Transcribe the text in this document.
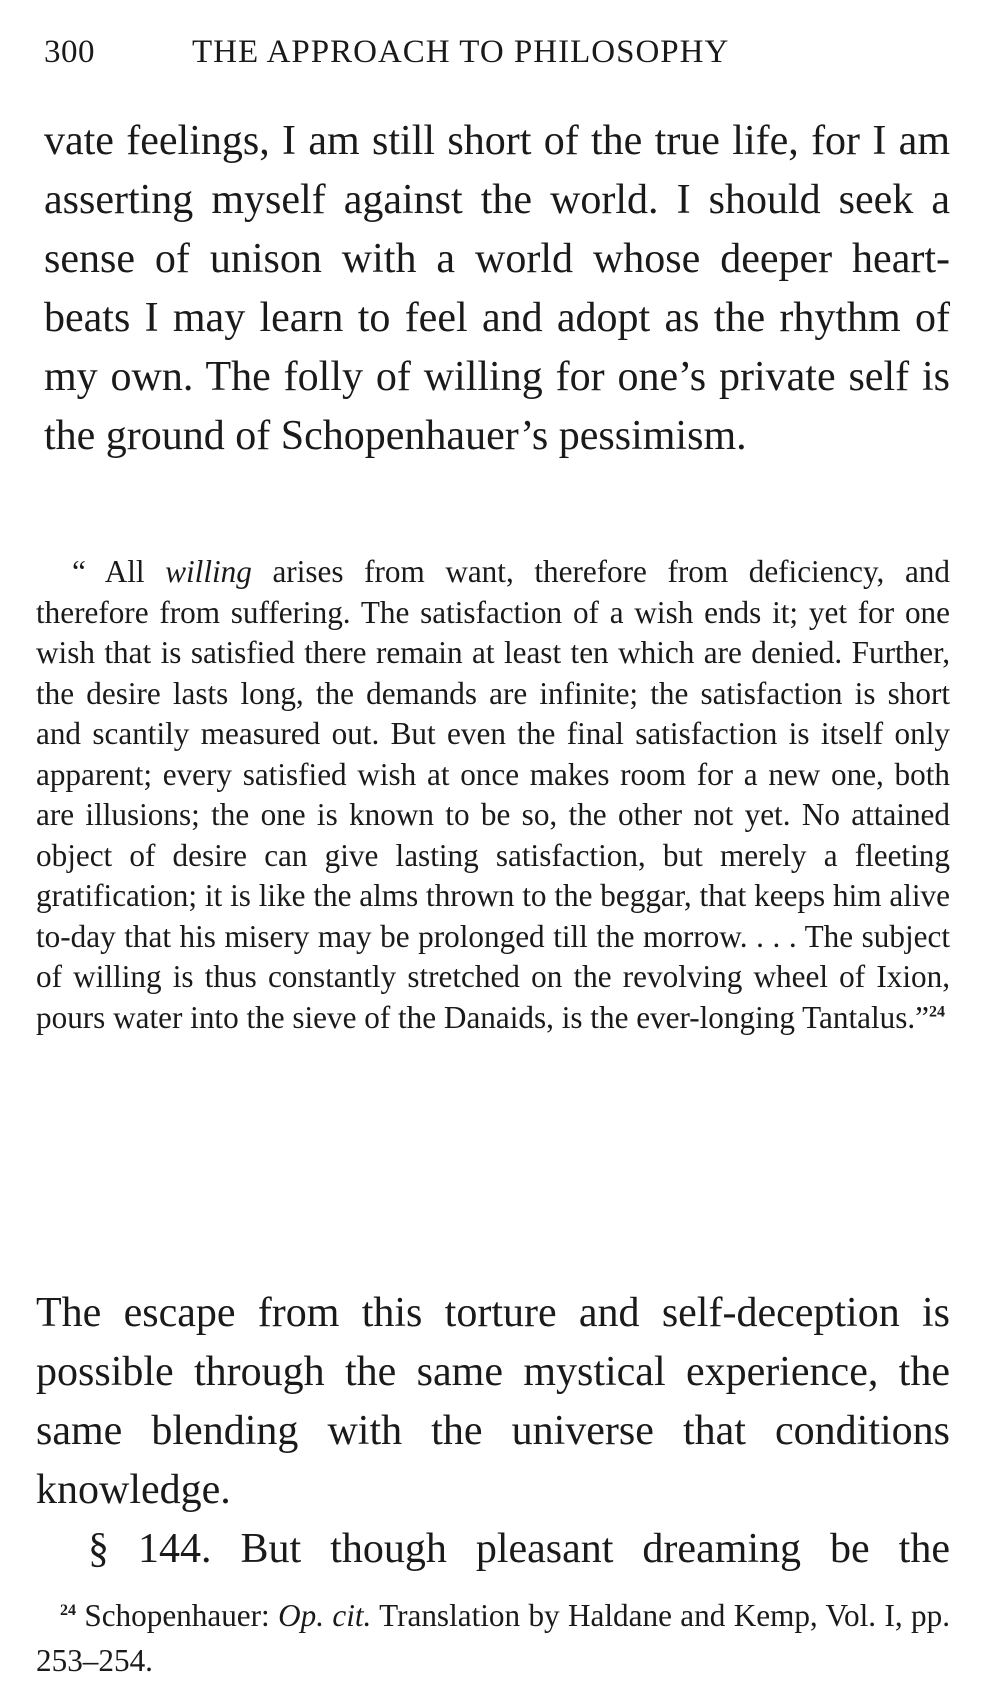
300	THE APPROACH TO PHILOSOPHY
vate feelings, I am still short of the true life, for I am asserting myself against the world. I should seek a sense of unison with a world whose deeper heart-beats I may learn to feel and adopt as the rhythm of my own. The folly of willing for one’s private self is the ground of Schopenhauer’s pessimism.
“ All willing arises from want, therefore from deficiency, and therefore from suffering. The satisfaction of a wish ends it; yet for one wish that is satisfied there remain at least ten which are denied. Further, the desire lasts long, the demands are infinite; the satisfaction is short and scantily measured out. But even the final satisfaction is itself only apparent; every satisfied wish at once makes room for a new one, both are illusions; the one is known to be so, the other not yet. No attained object of desire can give lasting satisfaction, but merely a fleeting gratification; it is like the alms thrown to the beggar, that keeps him alive to-day that his misery may be prolonged till the morrow. . . . The subject of willing is thus constantly stretched on the revolving wheel of Ixion, pours water into the sieve of the Danaids, is the ever-longing Tantalus.”$^{24}$
The escape from this torture and self-deception is possible through the same mystical experience, the same blending with the universe that conditions knowledge.
§ 144. But though pleasant dreaming be the
$^{24}$ Schopenhauer: Op. cit. Translation by Haldane and Kemp, Vol. I, pp. 253–254.
